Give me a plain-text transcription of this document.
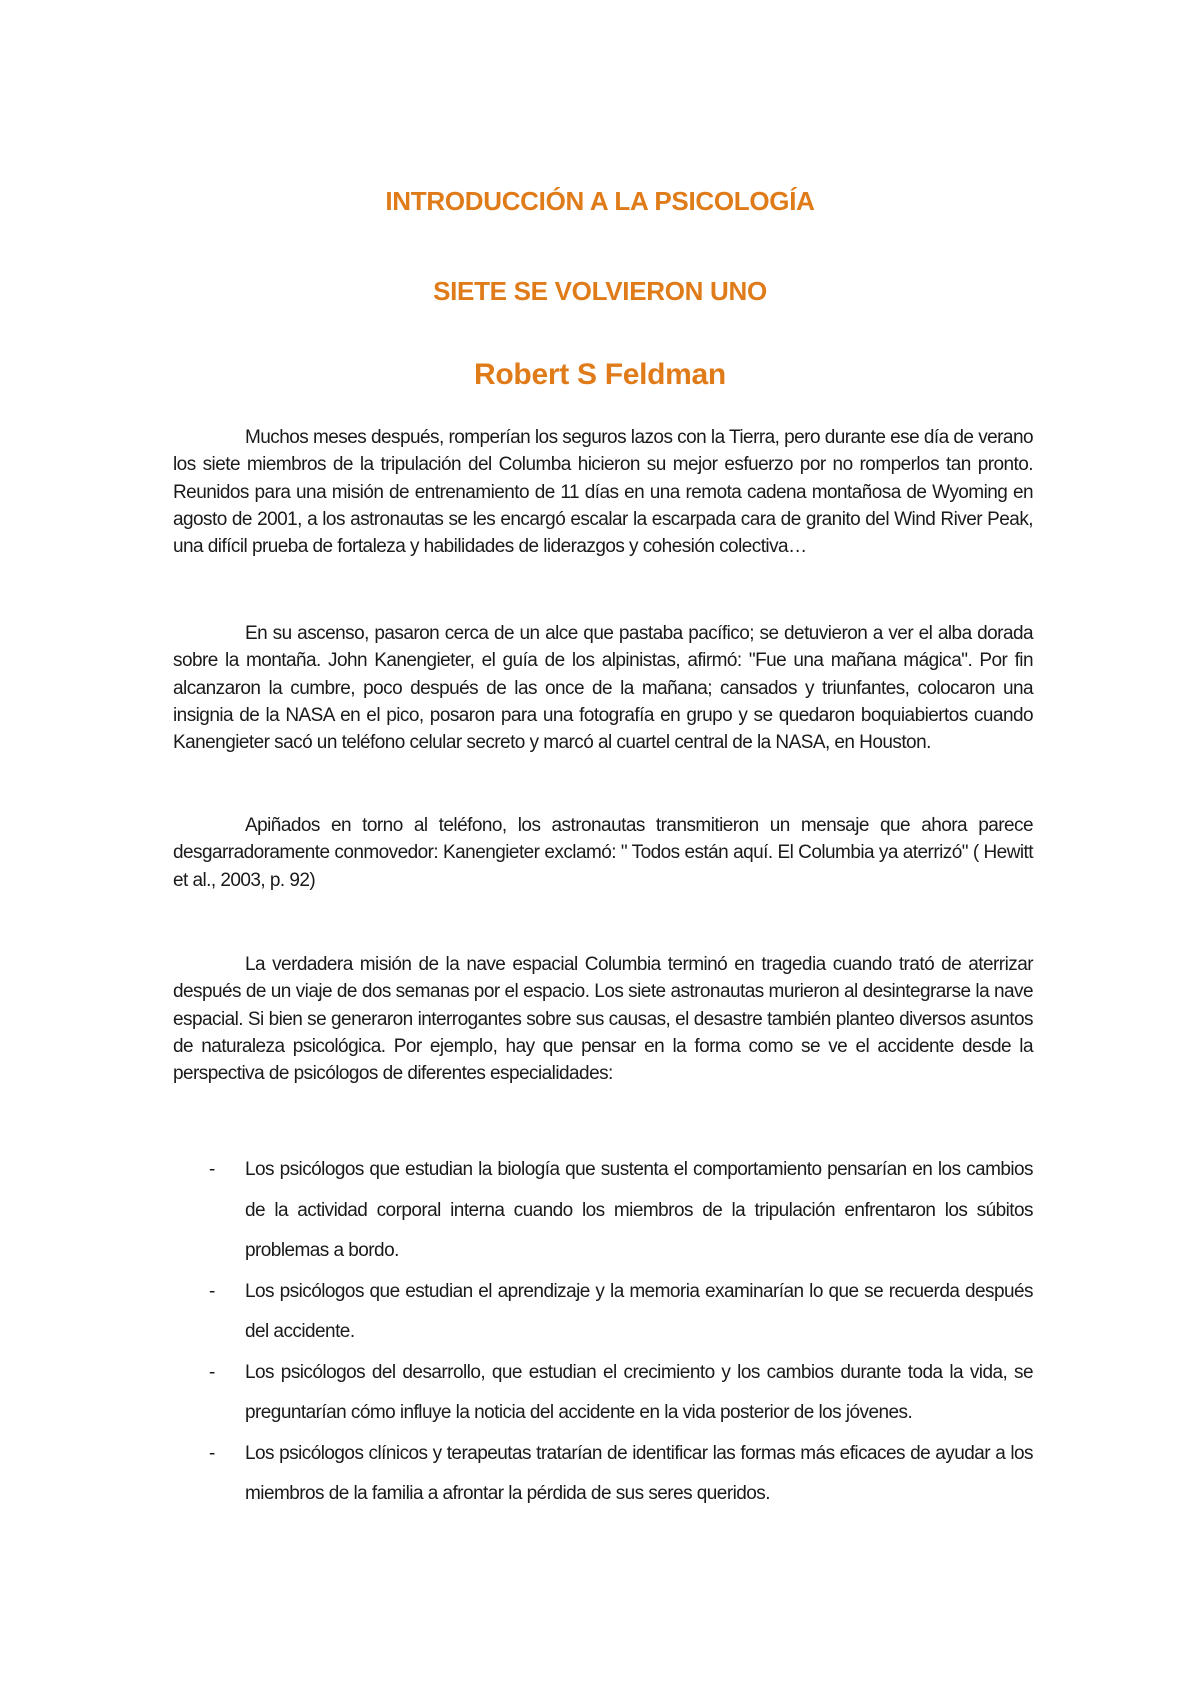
INTRODUCCIÓN A LA PSICOLOGÍA
SIETE SE VOLVIERON UNO
Robert S Feldman

Muchos meses después, romperían los seguros lazos con la Tierra, pero durante ese día de verano los siete miembros de la tripulación del Columba hicieron su mejor esfuerzo por no romperlos tan pronto. Reunidos para una misión de entrenamiento de 11 días en una remota cadena montañosa de Wyoming en agosto de 2001, a los astronautas se les encargó escalar la escarpada cara de granito del Wind River Peak, una difícil prueba de fortaleza y habilidades de liderazgos y cohesión colectiva…

En su ascenso, pasaron cerca de un alce que pastaba pacífico; se detuvieron a ver el alba dorada sobre la montaña. John Kanengieter, el guía de los alpinistas, afirmó: "Fue una mañana mágica". Por fin alcanzaron la cumbre, poco después de las once de la mañana; cansados y triunfantes, colocaron una insignia de la NASA en el pico, posaron para una fotografía en grupo y se quedaron boquiabiertos cuando Kanengieter sacó un teléfono celular secreto y marcó al cuartel central de la NASA, en Houston.

Apiñados en torno al teléfono, los astronautas transmitieron un mensaje que ahora parece desgarradoramente conmovedor: Kanengieter exclamó: " Todos están aquí. El Columbia ya aterrizó" ( Hewitt et al., 2003, p. 92)

La verdadera misión de la nave espacial Columbia terminó en tragedia cuando trató de aterrizar después de un viaje de dos semanas por el espacio. Los siete astronautas murieron al desintegrarse la nave espacial. Si bien se generaron interrogantes sobre sus causas, el desastre también planteo diversos asuntos de naturaleza psicológica. Por ejemplo, hay que pensar en la forma como se ve el accidente desde la perspectiva de psicólogos de diferentes especialidades:

- Los psicólogos que estudian la biología que sustenta el comportamiento pensarían en los cambios de la actividad corporal interna cuando los miembros de la tripulación enfrentaron los súbitos problemas a bordo.
- Los psicólogos que estudian el aprendizaje y la memoria examinarían lo que se recuerda después del accidente.
- Los psicólogos del desarrollo, que estudian el crecimiento y los cambios durante toda la vida, se preguntarían cómo influye la noticia del accidente en la vida posterior de los jóvenes.
- Los psicólogos clínicos y terapeutas tratarían de identificar las formas más eficaces de ayudar a los miembros de la familia a afrontar la pérdida de sus seres queridos.
